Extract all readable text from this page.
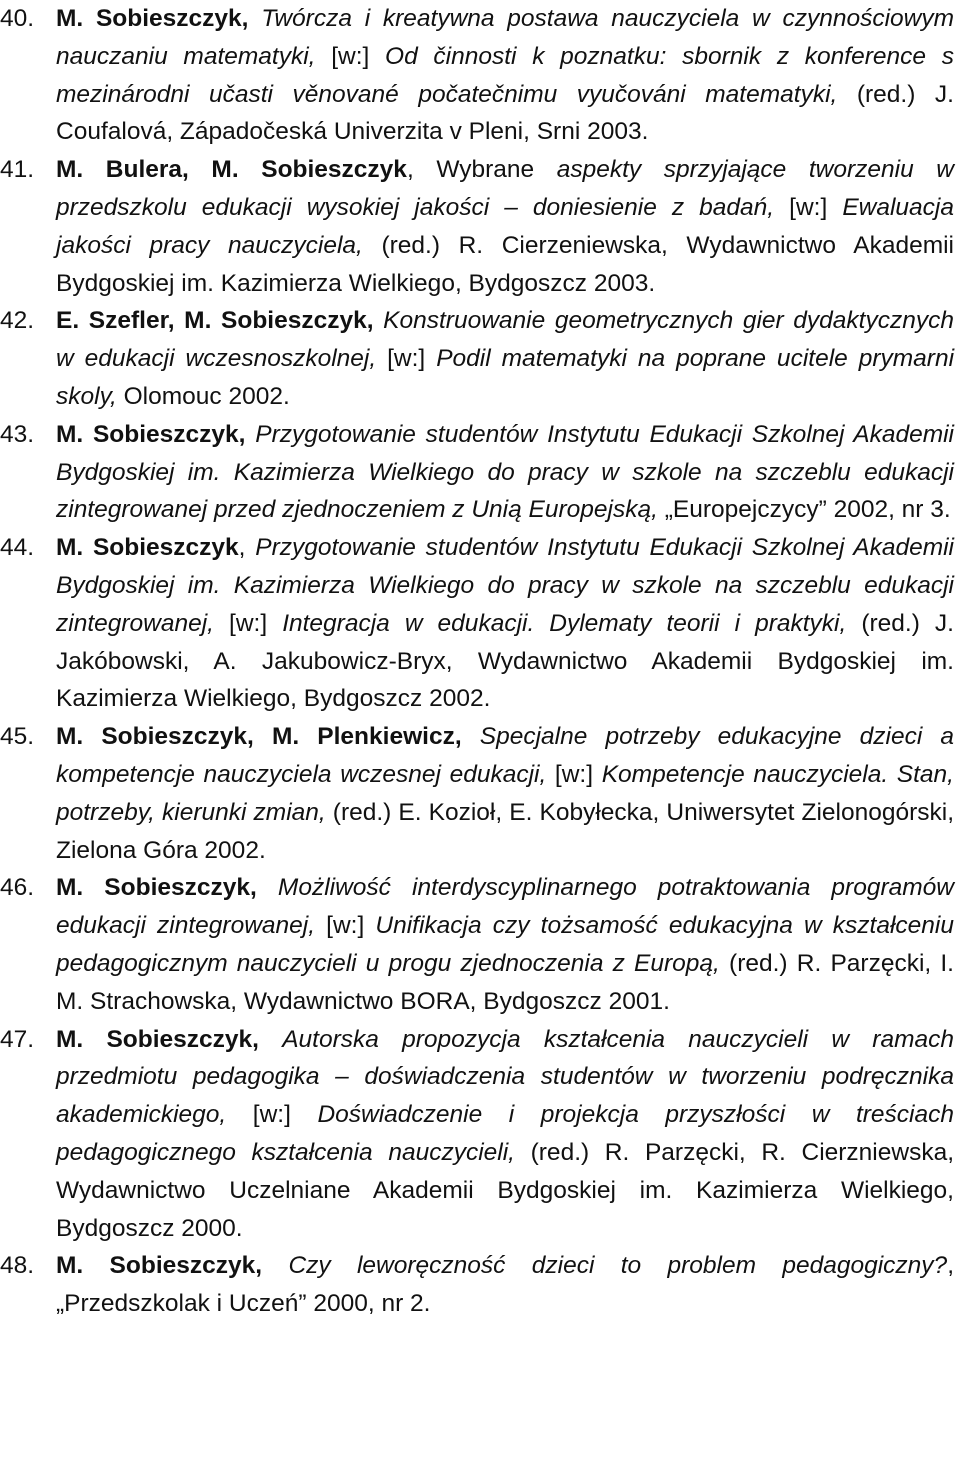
40. M. Sobieszczyk, Twórcza i kreatywna postawa nauczyciela w czynnościowym nauczaniu matematyki, [w:] Od činnosti k poznatku: sbornik z konference s mezinárodni učasti věnované počatečnimu vyučováni matematyki, (red.) J. Coufalová, Západočeská Univerzita v Pleni, Srni 2003.
41. M. Bulera, M. Sobieszczyk, Wybrane aspekty sprzyjające tworzeniu w przedszkolu edukacji wysokiej jakości – doniesienie z badań, [w:] Ewaluacja jakości pracy nauczyciela, (red.) R. Cierzeniewska, Wydawnictwo Akademii Bydgoskiej im. Kazimierza Wielkiego, Bydgoszcz 2003.
42. E. Szefler, M. Sobieszczyk, Konstruowanie geometrycznych gier dydaktycznych w edukacji wczesnoszkolnej, [w:] Podil matematyki na poprane ucitele prymarni skoly, Olomouc 2002.
43. M. Sobieszczyk, Przygotowanie studentów Instytutu Edukacji Szkolnej Akademii Bydgoskiej im. Kazimierza Wielkiego do pracy w szkole na szczeblu edukacji zintegrowanej przed zjednoczeniem z Unią Europejską, „Europejczycy” 2002, nr 3.
44. M. Sobieszczyk, Przygotowanie studentów Instytutu Edukacji Szkolnej Akademii Bydgoskiej im. Kazimierza Wielkiego do pracy w szkole na szczeblu edukacji zintegrowanej, [w:] Integracja w edukacji. Dylematy teorii i praktyki, (red.) J. Jakóbowski, A. Jakubowicz-Bryx, Wydawnictwo Akademii Bydgoskiej im. Kazimierza Wielkiego, Bydgoszcz 2002.
45. M. Sobieszczyk, M. Plenkiewicz, Specjalne potrzeby edukacyjne dzieci a kompetencje nauczyciela wczesnej edukacji, [w:] Kompetencje nauczyciela. Stan, potrzeby, kierunki zmian, (red.) E. Kozioł, E. Kobyłecka, Uniwersytet Zielonogórski, Zielona Góra 2002.
46. M. Sobieszczyk, Możliwość interdyscyplinarnego potraktowania programów edukacji zintegrowanej, [w:] Unifikacja czy tożsamość edukacyjna w kształceniu pedagogicznym nauczycieli u progu zjednoczenia z Europą, (red.) R. Parzęcki, I. M. Strachowska, Wydawnictwo BORA, Bydgoszcz 2001.
47. M. Sobieszczyk, Autorska propozycja kształcenia nauczycieli w ramach przedmiotu pedagogika – doświadczenia studentów w tworzeniu podręcznika akademickiego, [w:] Doświadczenie i projekcja przyszłości w treściach pedagogicznego kształcenia nauczycieli, (red.) R. Parzęcki, R. Cierzniewska, Wydawnictwo Uczelniane Akademii Bydgoskiej im. Kazimierza Wielkiego, Bydgoszcz 2000.
48. M. Sobieszczyk, Czy leworęczność dzieci to problem pedagogiczny?, „Przedszkolak i Uczeń” 2000, nr 2.
